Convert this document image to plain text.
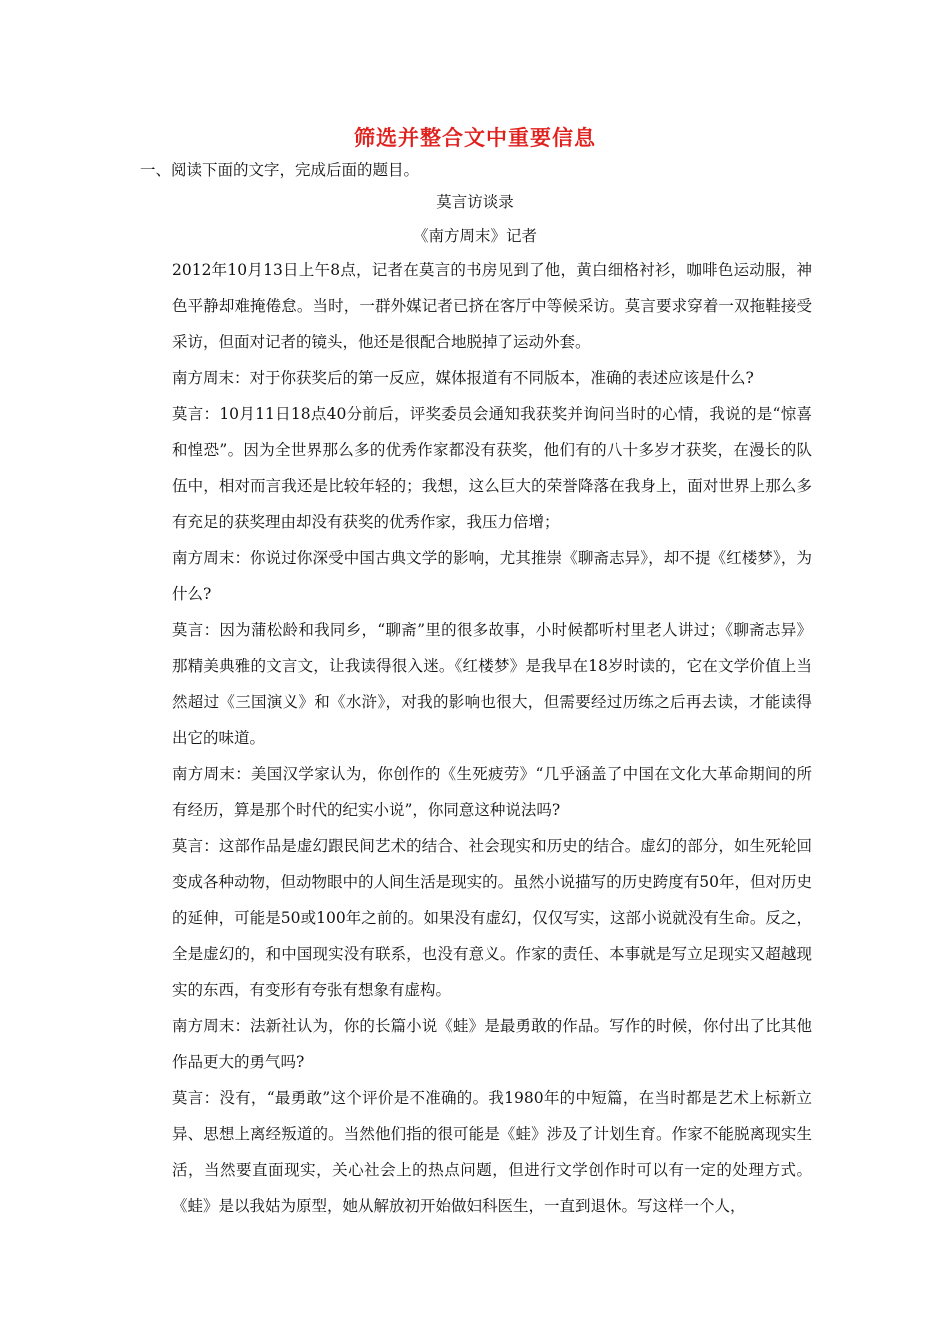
筛选并整合文中重要信息
一、阅读下面的文字，完成后面的题目。
莫言访谈录
《南方周末》记者

2012年10月13日上午8点，记者在莫言的书房见到了他，黄白细格衬衫，咖啡色运动服，神色平静却难掩倦怠。当时，一群外媒记者已挤在客厅中等候采访。莫言要求穿着一双拖鞋接受采访，但面对记者的镜头，他还是很配合地脱掉了运动外套。

南方周末：对于你获奖后的第一反应，媒体报道有不同版本，准确的表述应该是什么?

莫言：10月11日18点40分前后，评奖委员会通知我获奖并询问当时的心情，我说的是“惊喜和惶恐”。因为全世界那么多的优秀作家都没有获奖，他们有的八十多岁才获奖，在漫长的队伍中，相对而言我还是比较年轻的；我想，这么巨大的荣誉降落在我身上，面对世界上那么多有充足的获奖理由却没有获奖的优秀作家，我压力倍增；

南方周末：你说过你深受中国古典文学的影响，尤其推崇《聊斋志异》，却不提《红楼梦》，为什么?

莫言：因为蒲松龄和我同乡，“聊斋”里的很多故事，小时候都听村里老人讲过；《聊斋志异》那精美典雅的文言文，让我读得很入迷。《红楼梦》是我早在18岁时读的，它在文学价值上当然超过《三国演义》和《水浒》，对我的影响也很大，但需要经过历练之后再去读，才能读得出它的味道。

南方周末：美国汉学家认为，你创作的《生死疲劳》“几乎涵盖了中国在文化大革命期间的所有经历，算是那个时代的纪实小说”，你同意这种说法吗?

莫言：这部作品是虚幻跟民间艺术的结合、社会现实和历史的结合。虚幻的部分，如生死轮回变成各种动物，但动物眼中的人间生活是现实的。虽然小说描写的历史跨度有50年，但对历史的延伸，可能是50或100年之前的。如果没有虚幻，仅仅写实，这部小说就没有生命。反之，全是虚幻的，和中国现实没有联系，也没有意义。作家的责任、本事就是写立足现实又超越现实的东西，有变形有夸张有想象有虚构。

南方周末：法新社认为，你的长篇小说《蛙》是最勇敢的作品。写作的时候，你付出了比其他作品更大的勇气吗?

莫言：没有，“最勇敢”这个评价是不准确的。我1980年的中短篇，在当时都是艺术上标新立异、思想上离经叛道的。当然他们指的很可能是《蛙》涉及了计划生育。作家不能脱离现实生活，当然要直面现实，关心社会上的热点问题，但进行文学创作时可以有一定的处理方式。《蛙》是以我姑为原型，她从解放初开始做妇科医生，一直到退休。写这样一个人，
